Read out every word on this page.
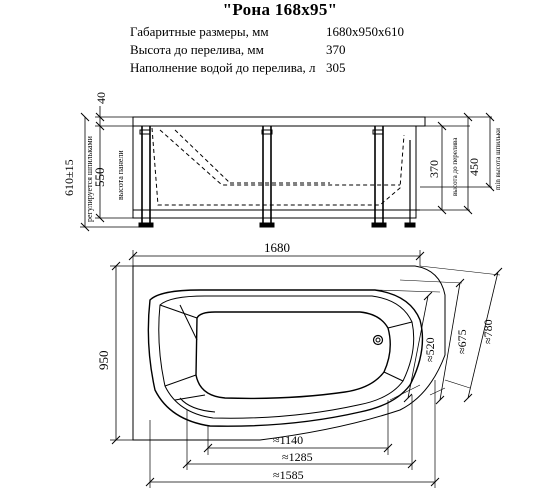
"Рона 168х95"
Габаритные размеры, мм	1680х950х610
Высота до перелива, мм	370
Наполнение водой до перелива, л 305
40
610±15 550
регулируется шпильками	высота панели	370 высота до перелива 450 min высота шпильки
1680
950
≈1140
≈1285
≈1585
≈520 ≈675 ≈780
